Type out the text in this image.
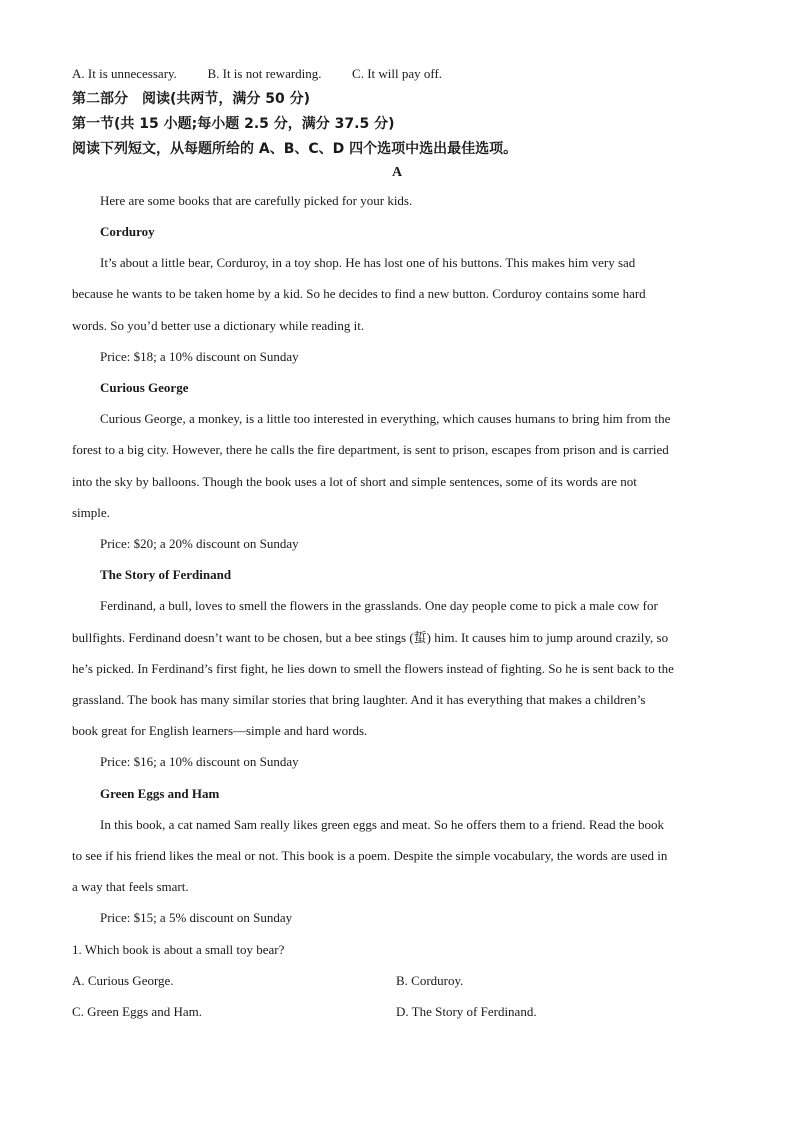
A. It is unnecessary. B. It is not rewarding. C. It will pay off.
第二部分　阅读(共两节，满分 50 分)
第一节(共 15 小题;每小题 2.5 分，满分 37.5 分)
阅读下列短文，从每题所给的 A、B、C、D 四个选项中选出最佳选项。
A
Here are some books that are carefully picked for your kids.
Corduroy
It’s about a little bear, Corduroy, in a toy shop. He has lost one of his buttons. This makes him very sad
because he wants to be taken home by a kid. So he decides to find a new button. Corduroy contains some hard
words. So you’d better use a dictionary while reading it.
Price: $18; a 10% discount on Sunday
Curious George
Curious George, a monkey, is a little too interested in everything, which causes humans to bring him from the
forest to a big city. However, there he calls the fire department, is sent to prison, escapes from prison and is carried
into the sky by balloons. Though the book uses a lot of short and simple sentences, some of its words are not
simple.
Price: $20; a 20% discount on Sunday
The Story of Ferdinand
Ferdinand, a bull, loves to smell the flowers in the grasslands. One day people come to pick a male cow for
bullfights. Ferdinand doesn’t want to be chosen, but a bee stings (蜇) him. It causes him to jump around crazily, so
he’s picked. In Ferdinand’s first fight, he lies down to smell the flowers instead of fighting. So he is sent back to the
grassland. The book has many similar stories that bring laughter. And it has everything that makes a children’s
book great for English learners—simple and hard words.
Price: $16; a 10% discount on Sunday
Green Eggs and Ham
In this book, a cat named Sam really likes green eggs and meat. So he offers them to a friend. Read the book
to see if his friend likes the meal or not. This book is a poem. Despite the simple vocabulary, the words are used in
a way that feels smart.
Price: $15; a 5% discount on Sunday
1. Which book is about a small toy bear?
A. Curious George.	B. Corduroy.
C. Green Eggs and Ham.	D. The Story of Ferdinand.
